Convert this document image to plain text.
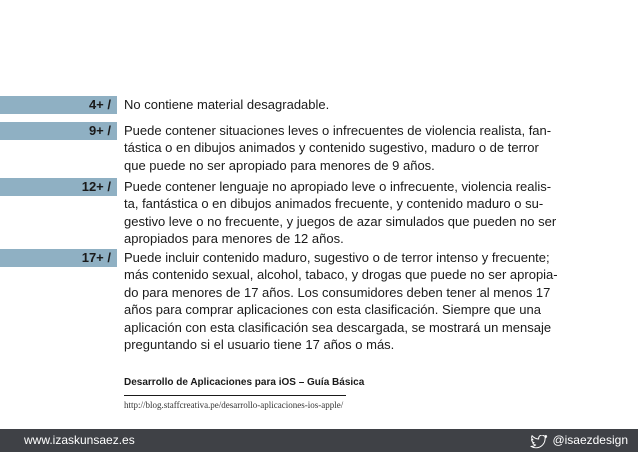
4+ /	No contiene material desagradable.

9+ /	Puede contener situaciones leves o infrecuentes de violencia realista, fan-
tástica o en dibujos animados y contenido sugestivo, maduro o de terror
que puede no ser apropiado para menores de 9 años.

12+ /	Puede contener lenguaje no apropiado leve o infrecuente, violencia realis-
ta, fantástica o en dibujos animados frecuente, y contenido maduro o su-
gestivo leve o no frecuente, y juegos de azar simulados que pueden no ser
apropiados para menores de 12 años.

17+ /	Puede incluir contenido maduro, sugestivo o de terror intenso y frecuente;
más contenido sexual, alcohol, tabaco, y drogas que puede no ser apropia-
do para menores de 17 años. Los consumidores deben tener al menos 17
años para comprar aplicaciones con esta clasificación. Siempre que una
aplicación con esta clasificación sea descargada, se mostrará un mensaje
preguntando si el usuario tiene 17 años o más.

Desarrollo de Aplicaciones para iOS – Guía Básica
http://blog.staffcreativa.pe/desarrollo-aplicaciones-ios-apple/
www.izaskunsaez.es	@isaezdesign
